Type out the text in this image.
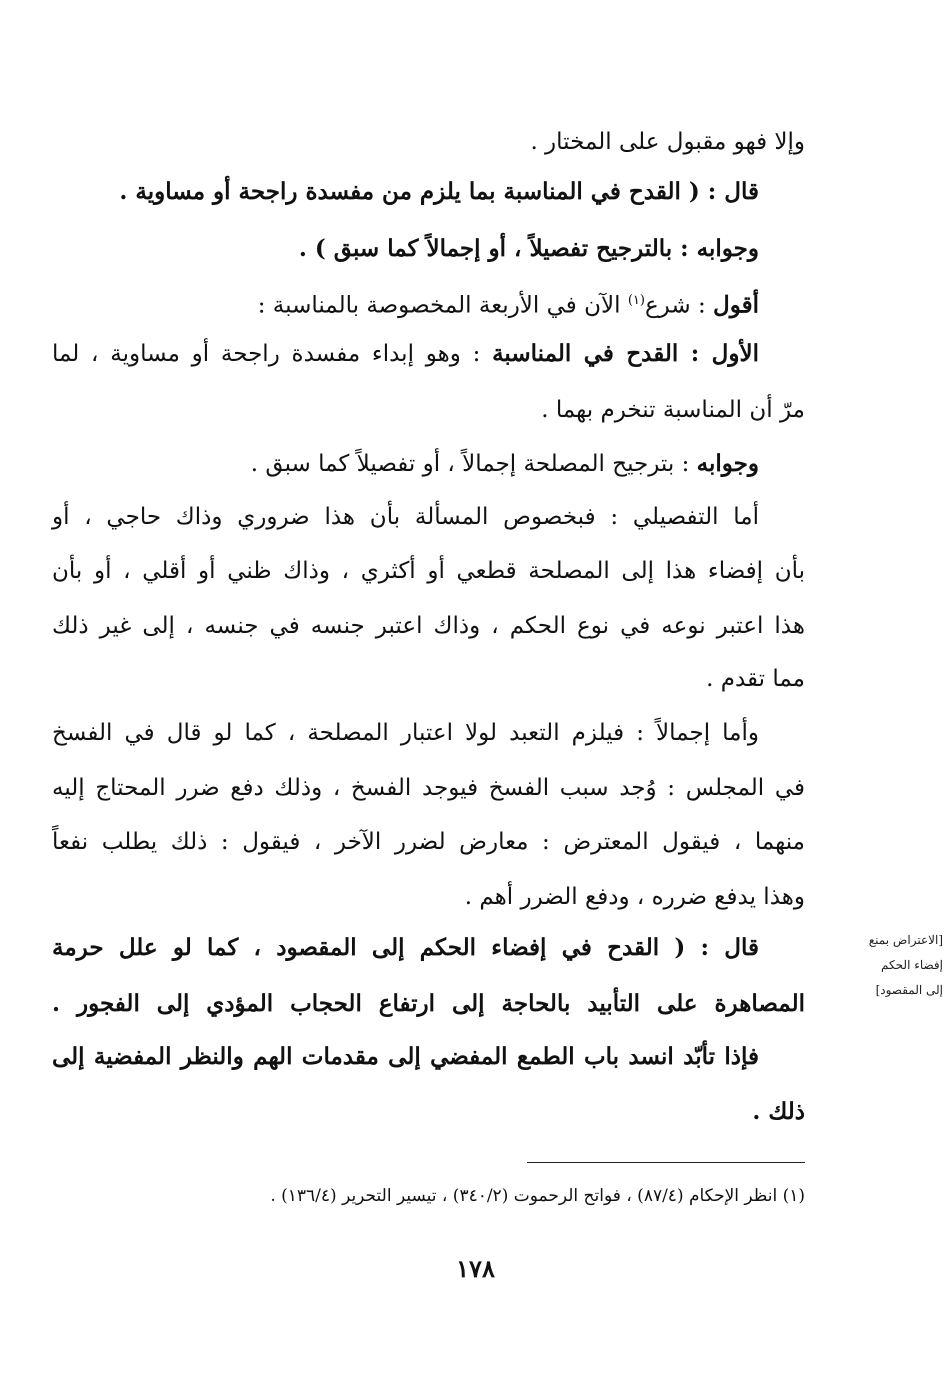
وإلا فهو مقبول على المختار .
قال : ( القدح في المناسبة بما يلزم من مفسدة راجحة أو مساوية .
وجوابه : بالترجيح تفصيلاً ، أو إجمالاً كما سبق ) .
أقول : شرع$^{(١)}$ الآن في الأربعة المخصوصة بالمناسبة :
الأول : القدح في المناسبة : وهو إبداء مفسدة راجحة أو مساوية ، لما
مرّ أن المناسبة تنخرم بهما .
وجوابه : بترجيح المصلحة إجمالاً ، أو تفصيلاً كما سبق .
أما التفصيلي : فبخصوص المسألة بأن هذا ضروري وذاك حاجي ، أو
بأن إفضاء هذا إلى المصلحة قطعي أو أكثري ، وذاك ظني أو أقلي ، أو بأن
هذا اعتبر نوعه في نوع الحكم ، وذاك اعتبر جنسه في جنسه ، إلى غير ذلك
مما تقدم .
وأما إجمالاً : فيلزم التعبد لولا اعتبار المصلحة ، كما لو قال في الفسخ
في المجلس : وُجد سبب الفسخ فيوجد الفسخ ، وذلك دفع ضرر المحتاج إليه
منهما ، فيقول المعترض : معارض لضرر الآخر ، فيقول : ذلك يطلب نفعاً
وهذا يدفع ضرره ، ودفع الضرر أهم .
قال : ( القدح في إفضاء الحكم إلى المقصود ، كما لو علل حرمة
المصاهرة على التأبيد بالحاجة إلى ارتفاع الحجاب المؤدي إلى الفجور .
فإذا تأبّد انسد باب الطمع المفضي إلى مقدمات الهم والنظر المفضية إلى
ذلك .
[الاعتراض بمنع
إفضاء الحكم
إلى المقصود]
(١) انظر الإحكام (٨٧/٤) ، فواتح الرحموت (٣٤٠/٢) ، تيسير التحرير (١٣٦/٤) .
١٧٨
